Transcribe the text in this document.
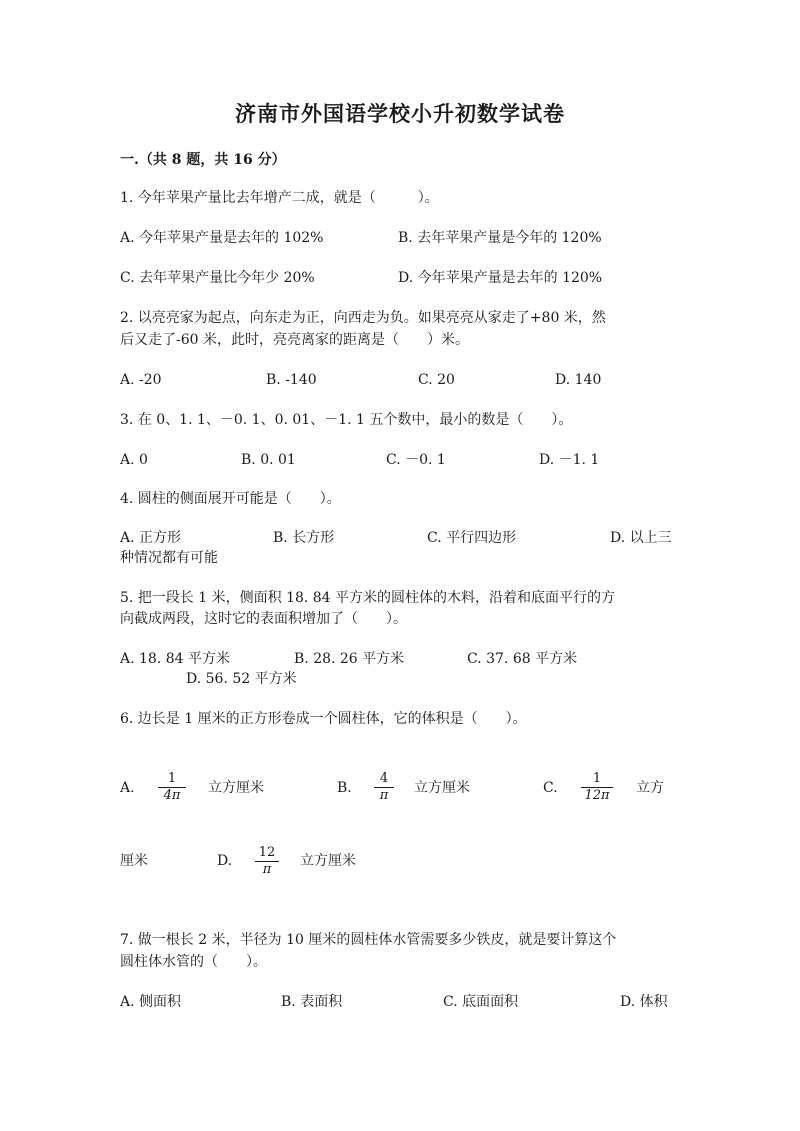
济南市外国语学校小升初数学试卷
一.（共 8 题，共 16 分）
1. 今年苹果产量比去年增产二成，就是（　　　）。
A. 今年苹果产量是去年的 102%	B. 去年苹果产量是今年的 120%
C. 去年苹果产量比今年少 20%	D. 今年苹果产量是去年的 120%
2. 以亮亮家为起点，向东走为正，向西走为负。如果亮亮从家走了+80 米，然
后又走了-60 米，此时，亮亮离家的距离是（　　）米。
A. -20	B. -140	C. 20	D. 140
3. 在 0、1. 1、－0. 1、0. 01、－1. 1 五个数中，最小的数是（　　）。
A. 0	B. 0. 01	C. －0. 1	D. －1. 1
4. 圆柱的侧面展开可能是（　　）。
A. 正方形	B. 长方形	C. 平行四边形	D. 以上三
种情况都有可能
5. 把一段长 1 米，侧面积 18. 84 平方米的圆柱体的木料，沿着和底面平行的方
向截成两段，这时它的表面积增加了（　　）。
A. 18. 84 平方米	B. 28. 26 平方米	C. 37. 68 平方米
D. 56. 52 平方米
6. 边长是 1 厘米的正方形卷成一个圆柱体，它的体积是（　　）。
A. $\frac{1}{4\pi}$ 立方厘米	B. $\frac{4}{\pi}$ 立方厘米	C. $\frac{1}{12\pi}$ 立方
厘米	D. $\frac{12}{\pi}$ 立方厘米
7. 做一根长 2 米，半径为 10 厘米的圆柱体水管需要多少铁皮，就是要计算这个
圆柱体水管的（　　）。
A. 侧面积	B. 表面积	C. 底面面积	D. 体积
